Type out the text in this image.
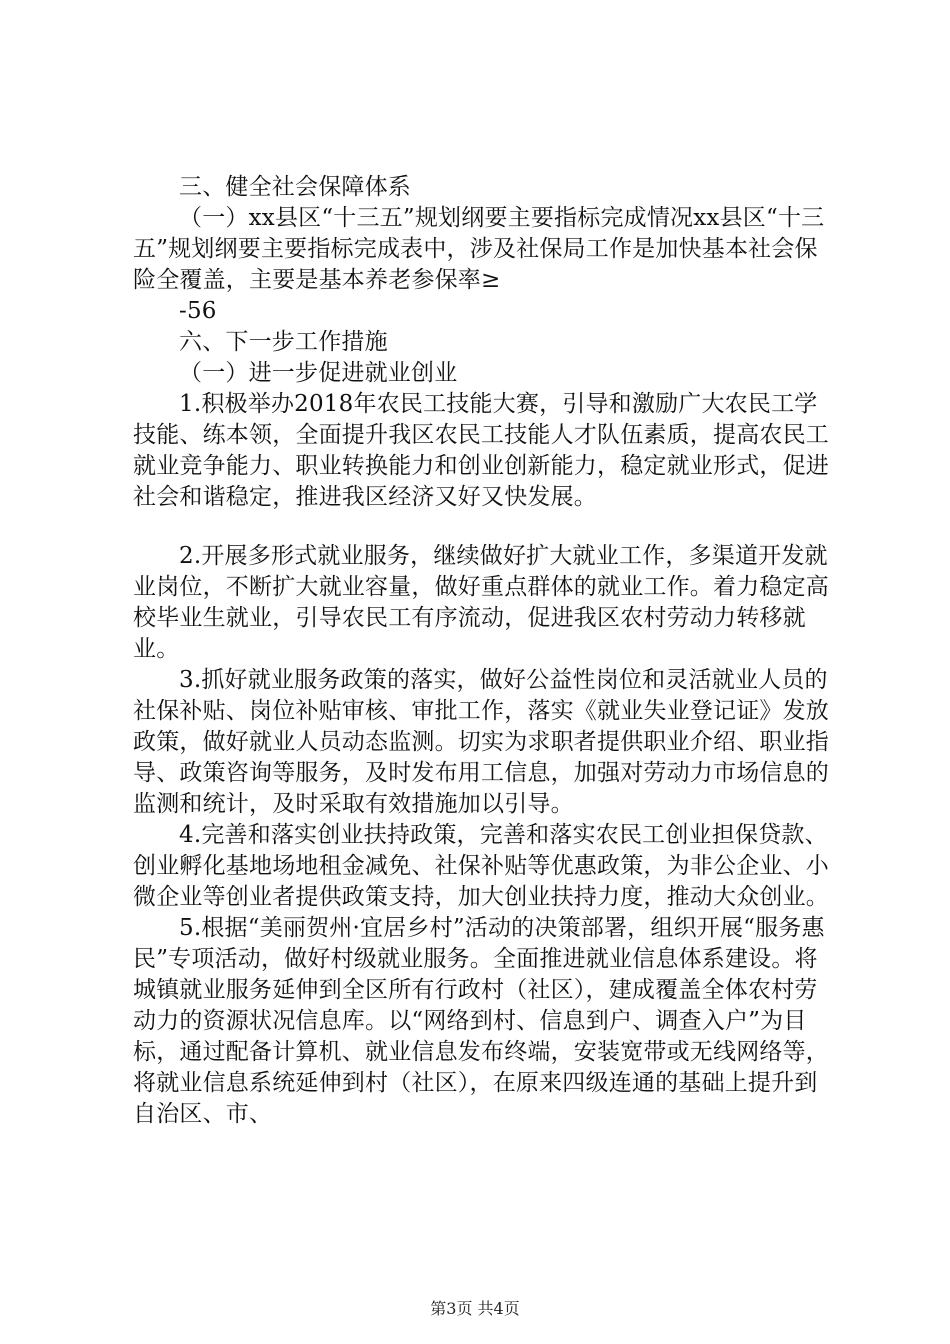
三、健全社会保障体系

（一）xx县区“十三五”规划纲要主要指标完成情况xx县区“十三五”规划纲要主要指标完成表中，涉及社保局工作是加快基本社会保险全覆盖，主要是基本养老参保率≥

-56

六、下一步工作措施

（一）进一步促进就业创业

1.积极举办2018年农民工技能大赛，引导和激励广大农民工学技能、练本领，全面提升我区农民工技能人才队伍素质，提高农民工就业竞争能力、职业转换能力和创业创新能力，稳定就业形式，促进社会和谐稳定，推进我区经济又好又快发展。

2.开展多形式就业服务，继续做好扩大就业工作，多渠道开发就业岗位，不断扩大就业容量，做好重点群体的就业工作。着力稳定高校毕业生就业，引导农民工有序流动，促进我区农村劳动力转移就业。

3.抓好就业服务政策的落实，做好公益性岗位和灵活就业人员的社保补贴、岗位补贴审核、审批工作，落实《就业失业登记证》发放政策，做好就业人员动态监测。切实为求职者提供职业介绍、职业指导、政策咨询等服务，及时发布用工信息，加强对劳动力市场信息的监测和统计，及时采取有效措施加以引导。

4.完善和落实创业扶持政策，完善和落实农民工创业担保贷款、创业孵化基地场地租金减免、社保补贴等优惠政策，为非公企业、小微企业等创业者提供政策支持，加大创业扶持力度，推动大众创业。

5.根据“美丽贺州·宜居乡村”活动的决策部署，组织开展“服务惠民”专项活动，做好村级就业服务。全面推进就业信息体系建设。将城镇就业服务延伸到全区所有行政村（社区），建成覆盖全体农村劳动力的资源状况信息库。以“网络到村、信息到户、调查入户”为目标，通过配备计算机、就业信息发布终端，安装宽带或无线网络等，将就业信息系统延伸到村（社区），在原来四级连通的基础上提升到自治区、市、

第3页 共4页
